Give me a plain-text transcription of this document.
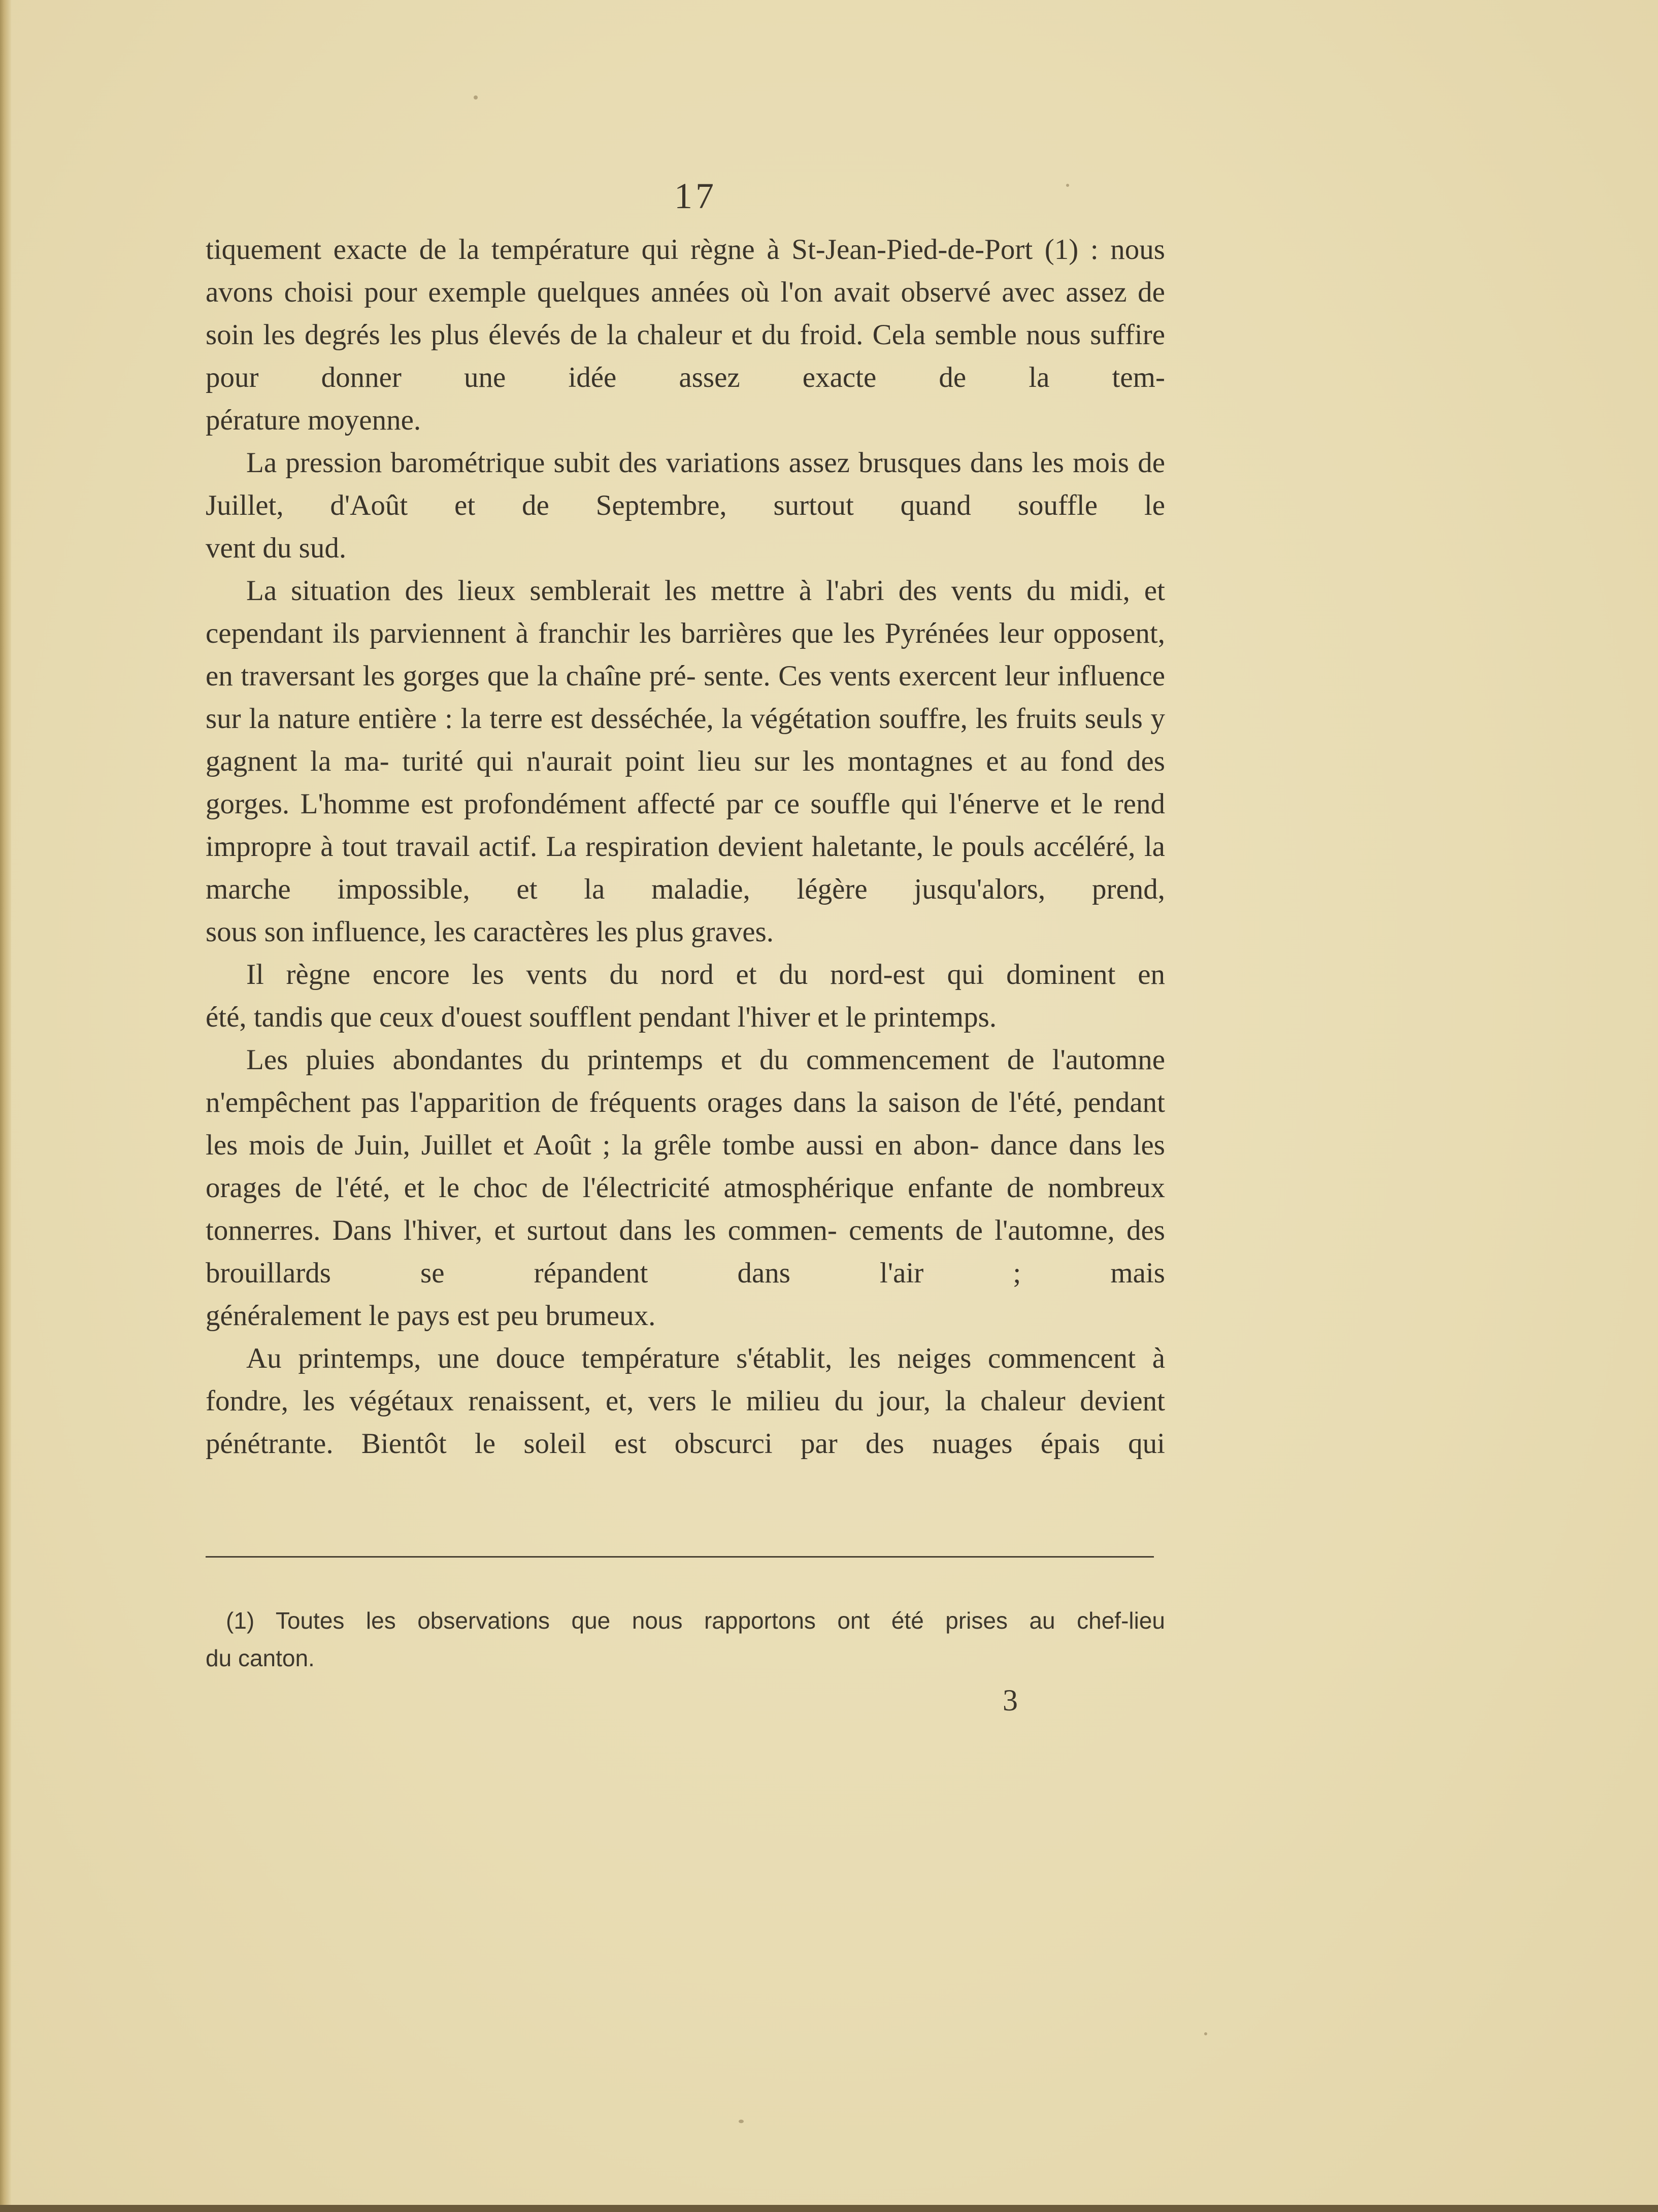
17

tiquement exacte de la température qui règne à St-Jean-Pied-de-Port (1) : nous avons choisi pour exemple quelques années où l'on avait observé avec assez de soin les degrés les plus élevés de la chaleur et du froid. Cela semble nous suffire pour donner une idée assez exacte de la tem-
pérature moyenne.

La pression barométrique subit des variations assez brusques dans les mois de Juillet, d'Août et de Septembre, surtout quand souffle le
vent du sud.

La situation des lieux semblerait les mettre à l'abri des vents du midi, et cependant ils parviennent à franchir les barrières que les Pyrénées leur opposent, en traversant les gorges que la chaîne pré- sente. Ces vents exercent leur influence sur la nature entière : la terre est desséchée, la végétation souffre, les fruits seuls y gagnent la ma- turité qui n'aurait point lieu sur les montagnes et au fond des gorges. L'homme est profondément affecté par ce souffle qui l'énerve et le rend impropre à tout travail actif. La respiration devient haletante, le pouls accéléré, la marche impossible, et la maladie, légère jusqu'alors, prend,
sous son influence, les caractères les plus graves.

Il règne encore les vents du nord et du nord-est qui dominent en
été, tandis que ceux d'ouest soufflent pendant l'hiver et le printemps.

Les pluies abondantes du printemps et du commencement de l'automne n'empêchent pas l'apparition de fréquents orages dans la saison de l'été, pendant les mois de Juin, Juillet et Août ; la grêle tombe aussi en abon- dance dans les orages de l'été, et le choc de l'électricité atmosphérique enfante de nombreux tonnerres. Dans l'hiver, et surtout dans les commen- cements de l'automne, des brouillards se répandent dans l'air ; mais
généralement le pays est peu brumeux.

Au printemps, une douce température s'établit, les neiges commencent à fondre, les végétaux renaissent, et, vers le milieu du jour, la chaleur devient pénétrante. Bientôt le soleil est obscurci par des nuages épais qui

(1) Toutes les observations que nous rapportons ont été prises au chef-lieu
du canton.
3
